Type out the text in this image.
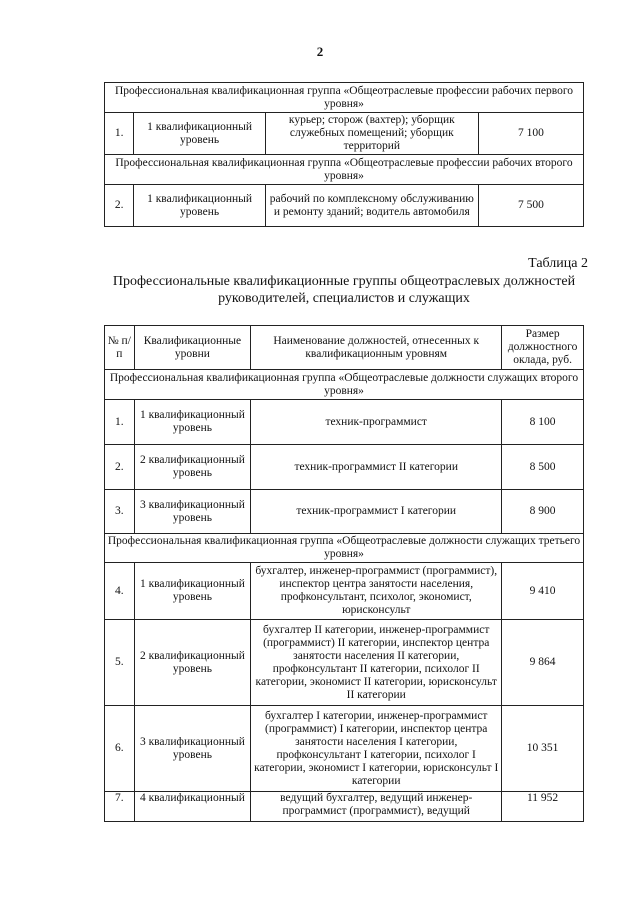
2
Профессиональная квалификационная группа «Общеотраслевые профессии рабочих первого уровня»			
1.	1 квалификационный уровень	курьер; сторож (вахтер); уборщик служебных помещений; уборщик территорий	7 100
Профессиональная квалификационная группа «Общеотраслевые профессии рабочих второго уровня»			
2.	1 квалификационный уровень	рабочий по комплексному обслуживанию и ремонту зданий; водитель автомобиля	7 500
Таблица 2
Профессиональные квалификационные группы общеотраслевых должностей руководителей, специалистов и служащих
№ п/п	Квалификационные уровни	Наименование должностей, отнесенных к квалификационным уровням	Размер должностного оклада, руб.
Профессиональная квалификационная группа «Общеотраслевые должности служащих второго уровня»			
1.	1 квалификационный уровень	техник-программист	8 100
2.	2 квалификационный уровень	техник-программист II категории	8 500
3.	3 квалификационный уровень	техник-программист I категории	8 900
Профессиональная квалификационная группа «Общеотраслевые должности служащих третьего уровня»			
4.	1 квалификационный уровень	бухгалтер, инженер-программист (программист), инспектор центра занятости населения, профконсультант, психолог, экономист, юрисконсульт	9 410
5.	2 квалификационный уровень	бухгалтер II категории, инженер-программист (программист) II категории, инспектор центра занятости населения II категории, профконсультант II категории, психолог II категории, экономист II категории, юрисконсульт II категории	9 864
6.	3 квалификационный уровень	бухгалтер I категории, инженер-программист (программист) I категории, инспектор центра занятости населения I категории, профконсультант I категории, психолог I категории, экономист I категории, юрисконсульт I категории	10 351
7.	4 квалификационный	ведущий бухгалтер, ведущий инженер-программист (программист), ведущий	11 952
